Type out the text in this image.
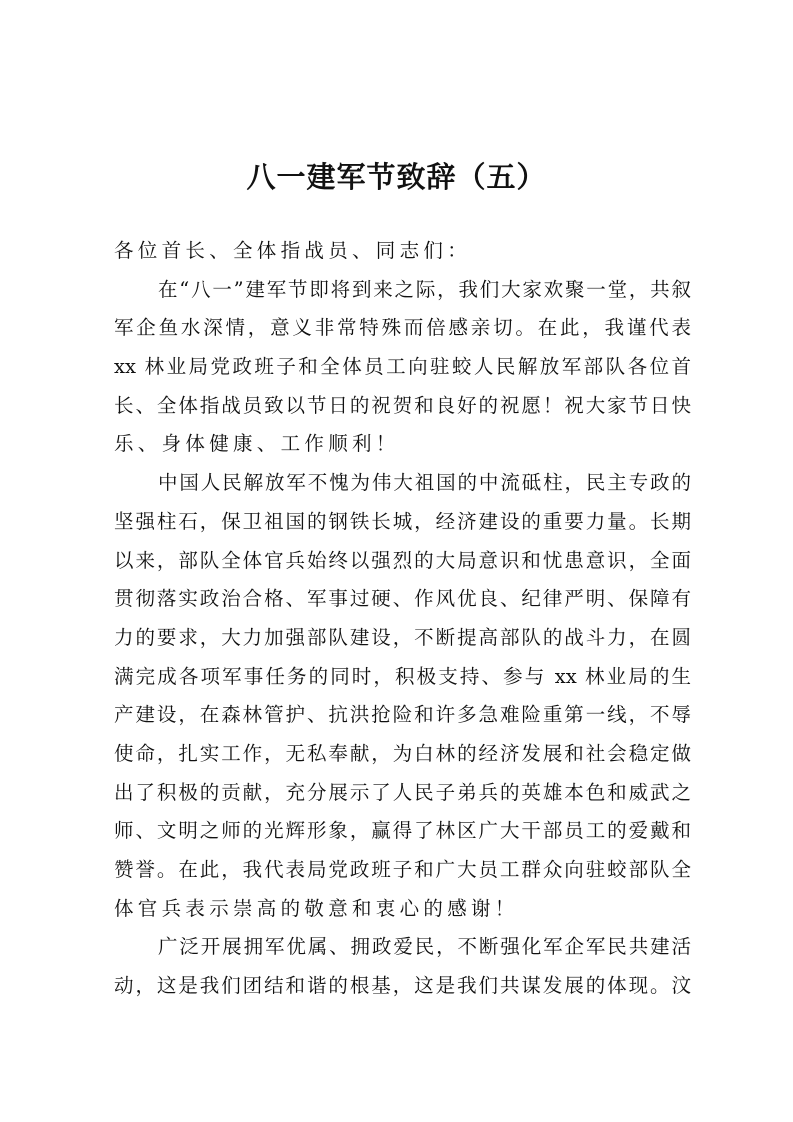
八一建军节致辞（五）
各位首长、全体指战员、同志们：
在“八一”建军节即将到来之际，我们大家欢聚一堂，共叙
军企鱼水深情，意义非常特殊而倍感亲切。在此，我谨代表
xx 林业局党政班子和全体员工向驻蛟人民解放军部队各位首
长、全体指战员致以节日的祝贺和良好的祝愿！祝大家节日快
乐、身体健康、工作顺利！
中国人民解放军不愧为伟大祖国的中流砥柱，民主专政的
坚强柱石，保卫祖国的钢铁长城，经济建设的重要力量。长期
以来，部队全体官兵始终以强烈的大局意识和忧患意识，全面
贯彻落实政治合格、军事过硬、作风优良、纪律严明、保障有
力的要求，大力加强部队建设，不断提高部队的战斗力，在圆
满完成各项军事任务的同时，积极支持、参与 xx 林业局的生
产建设，在森林管护、抗洪抢险和许多急难险重第一线，不辱
使命，扎实工作，无私奉献，为白林的经济发展和社会稳定做
出了积极的贡献，充分展示了人民子弟兵的英雄本色和威武之
师、文明之师的光辉形象，赢得了林区广大干部员工的爱戴和
赞誉。在此，我代表局党政班子和广大员工群众向驻蛟部队全
体官兵表示崇高的敬意和衷心的感谢！
广泛开展拥军优属、拥政爱民，不断强化军企军民共建活
动，这是我们团结和谐的根基，这是我们共谋发展的体现。汶
